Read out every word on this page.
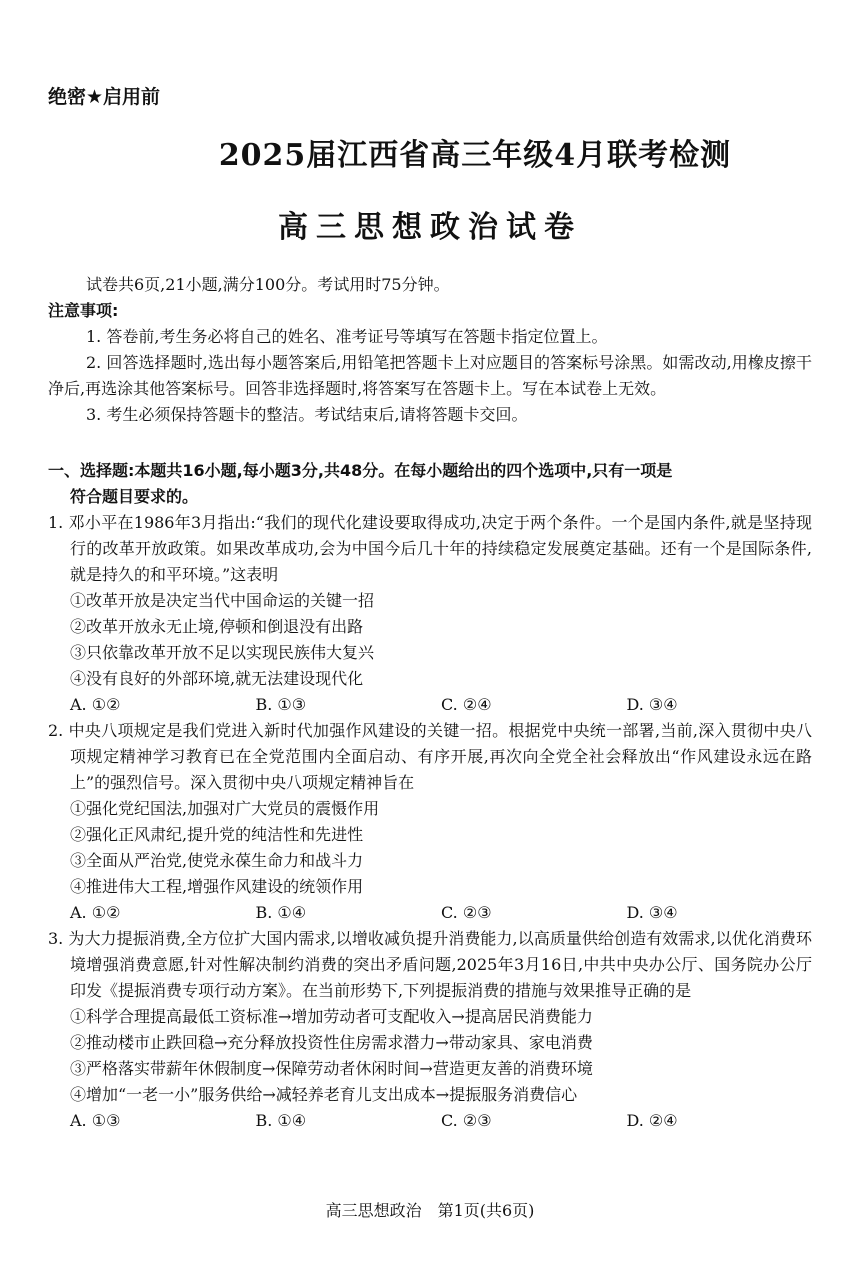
绝密★启用前
2025届江西省高三年级4月联考检测
高三思想政治试卷

试卷共6页,21小题,满分100分。考试用时75分钟。

注意事项:

1. 答卷前,考生务必将自己的姓名、准考证号等填写在答题卡指定位置上。

2. 回答选择题时,选出每小题答案后,用铅笔把答题卡上对应题目的答案标号涂黑。如需改动,用橡皮擦干净后,再选涂其他答案标号。回答非选择题时,将答案写在答题卡上。写在本试卷上无效。

3. 考生必须保持答题卡的整洁。考试结束后,请将答题卡交回。

一、选择题:本题共16小题,每小题3分,共48分。在每小题给出的四个选项中,只有一项是
符合题目要求的。
1. 邓小平在1986年3月指出:“我们的现代化建设要取得成功,决定于两个条件。一个是国内条件,就是坚持现行的改革开放政策。如果改革成功,会为中国今后几十年的持续稳定发展奠定基础。还有一个是国际条件,就是持久的和平环境。”这表明
①改革开放是决定当代中国命运的关键一招
②改革开放永无止境,停顿和倒退没有出路
③只依靠改革开放不足以实现民族伟大复兴
④没有良好的外部环境,就无法建设现代化
A. ①②	B. ①③	C. ②④	D. ③④
2. 中央八项规定是我们党进入新时代加强作风建设的关键一招。根据党中央统一部署,当前,深入贯彻中央八项规定精神学习教育已在全党范围内全面启动、有序开展,再次向全党全社会释放出“作风建设永远在路上”的强烈信号。深入贯彻中央八项规定精神旨在
①强化党纪国法,加强对广大党员的震慑作用
②强化正风肃纪,提升党的纯洁性和先进性
③全面从严治党,使党永葆生命力和战斗力
④推进伟大工程,增强作风建设的统领作用
A. ①②	B. ①④	C. ②③	D. ③④
3. 为大力提振消费,全方位扩大国内需求,以增收减负提升消费能力,以高质量供给创造有效需求,以优化消费环境增强消费意愿,针对性解决制约消费的突出矛盾问题,2025年3月16日,中共中央办公厅、国务院办公厅印发《提振消费专项行动方案》。在当前形势下,下列提振消费的措施与效果推导正确的是
①科学合理提高最低工资标准→增加劳动者可支配收入→提高居民消费能力
②推动楼市止跌回稳→充分释放投资性住房需求潜力→带动家具、家电消费
③严格落实带薪年休假制度→保障劳动者休闲时间→营造更友善的消费环境
④增加“一老一小”服务供给→减轻养老育儿支出成本→提振服务消费信心
A. ①③	B. ①④	C. ②③	D. ②④
高三思想政治　第1页(共6页)
